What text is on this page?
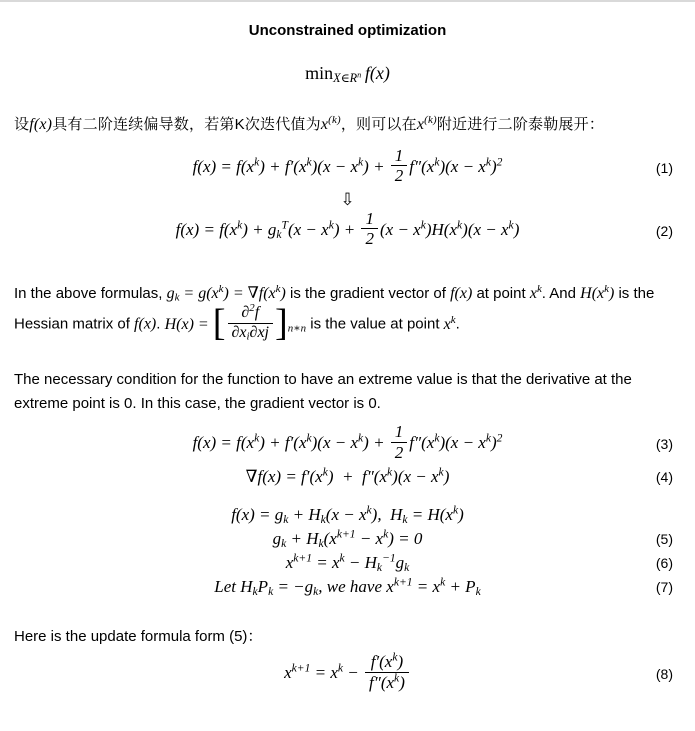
Unconstrained optimization
$\min_{X\in R^n} f(x)$

设f(x)具有二阶连续偏导数，若第K次迭代值为$x^{(k)}$，则可以在$x^{(k)}$附近进行二阶泰勒展开：

$f(x) = f(x^k) + f'(x^k)(x - x^k) + \frac{1}{2} f''(x^k)(x - x^k)^2$	(1)
⇩
$f(x) = f(x^k) + g_k^T(x - x^k) + \frac{1}{2} (x - x^k)H(x^k)(x - x^k)$	(2)

In the above formulas, $g_k = g(x^k) = \nabla f(x^k)$ is the gradient vector of f(x) at point $x^k$. And $H(x^k)$ is the Hessian matrix of f(x). H(x) = [ $\frac{\partial^2f}{\partial x_i\partial xj} ]_{n∗n}$ is the value at point $x^k$.

The necessary condition for the function to have an extreme value is that the derivative at the extreme point is 0. In this case, the gradient vector is 0.

$f(x) = f(x^k) + f'(x^k)(x - x^k) + \frac{1}{2} f''(x^k)(x - x^k)^2$	(3)
$\nabla f(x) = f'(x^k)$ + $f''(x^k)(x - x^k)$	(4)
$f(x) = g_k + H_k(x - x^k)$, $H_k = H(x^k)$
$g_k + H_k(x^{k+1} - x^k) = 0$	(5)
$x^{k+1} = x^k - H_k^{-1}g_k$	(6)
Let $H_kP_k = -g_k$, we have $x^{k+1} = x^k + P_k$	(7)

Here is the update formula form (5)：

$x^{k+1} = x^k - \frac{f'(x^k)}{f''(x^k)}$	(8)
